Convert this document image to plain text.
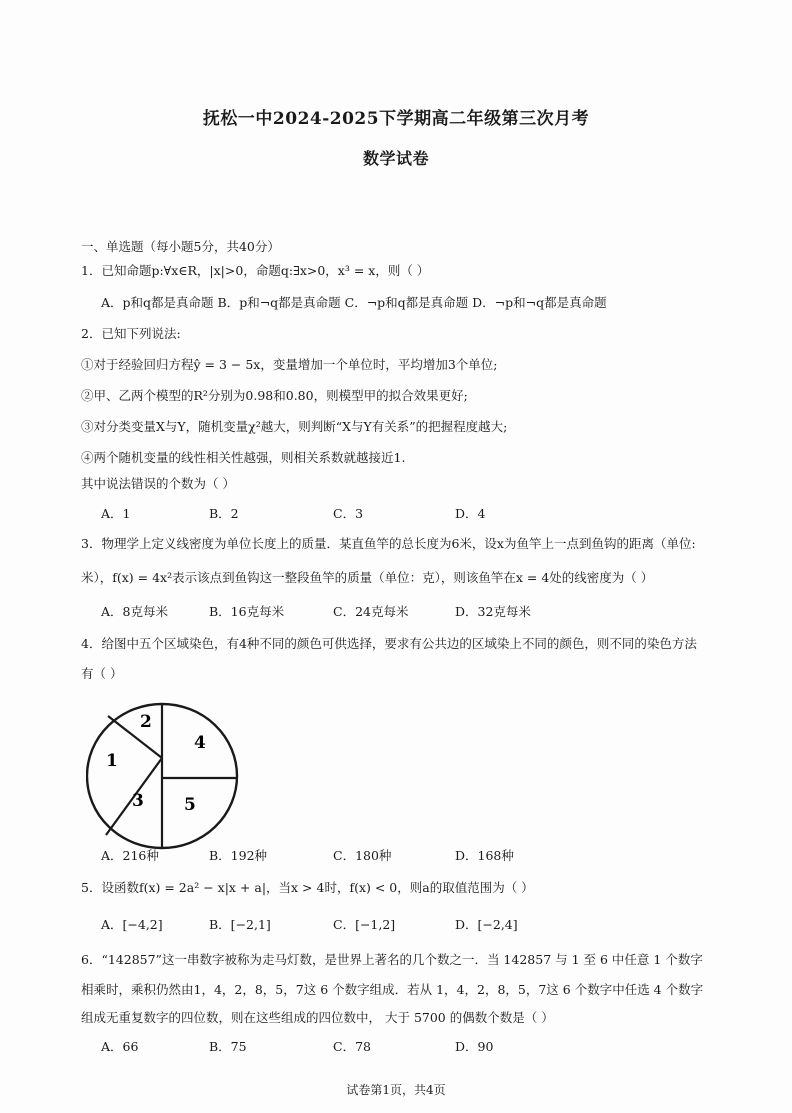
抚松一中2024-2025下学期高二年级第三次月考
数学试卷
一、单选题（每小题5分，共40分）
1．已知命题p:∀x∈R，|x|>0，命题q:∃x>0，x³ = x，则（ ）
A．p和q都是真命题 B．p和¬q都是真命题 C．¬p和q都是真命题 D．¬p和¬q都是真命题
2．已知下列说法:
①对于经验回归方程ŷ = 3 − 5x，变量增加一个单位时，平均增加3个单位;
②甲、乙两个模型的R²分别为0.98和0.80，则模型甲的拟合效果更好;
③对分类变量X与Y，随机变量χ²越大，则判断“X与Y有关系”的把握程度越大;
④两个随机变量的线性相关性越强，则相关系数就越接近1.
其中说法错误的个数为（ ）
A．1	B．2	C．3	D．4
3．物理学上定义线密度为单位长度上的质量．某直鱼竿的总长度为6米，设x为鱼竿上一点到鱼钩的距离（单位:
米），f(x) = 4x²表示该点到鱼钩这一整段鱼竿的质量（单位：克），则该鱼竿在x = 4处的线密度为（ ）
A．8克每米	B．16克每米	C．24克每米	D．32克每米
4．给图中五个区域染色，有4种不同的颜色可供选择，要求有公共边的区域染上不同的颜色，则不同的染色方法
有（ ）
1
2
3
4
5
A．216种	B．192种	C．180种	D．168种
5．设函数f(x) = 2a² − x|x + a|，当x > 4时，f(x) < 0，则a的取值范围为（ ）
A．[−4,2]	B．[−2,1]	C．[−1,2]	D．[−2,4]
6．“142857”这一串数字被称为走马灯数，是世界上著名的几个数之一．当 142857 与 1 至 6 中任意 1 个数字
相乘时，乘积仍然由1，4，2，8，5，7这 6 个数字组成．若从 1，4，2，8，5，7这 6 个数字中任选 4 个数字
组成无重复数字的四位数，则在这些组成的四位数中， 大于 5700 的偶数个数是（ ）
A．66	B．75	C．78	D．90
试卷第1页，共4页
